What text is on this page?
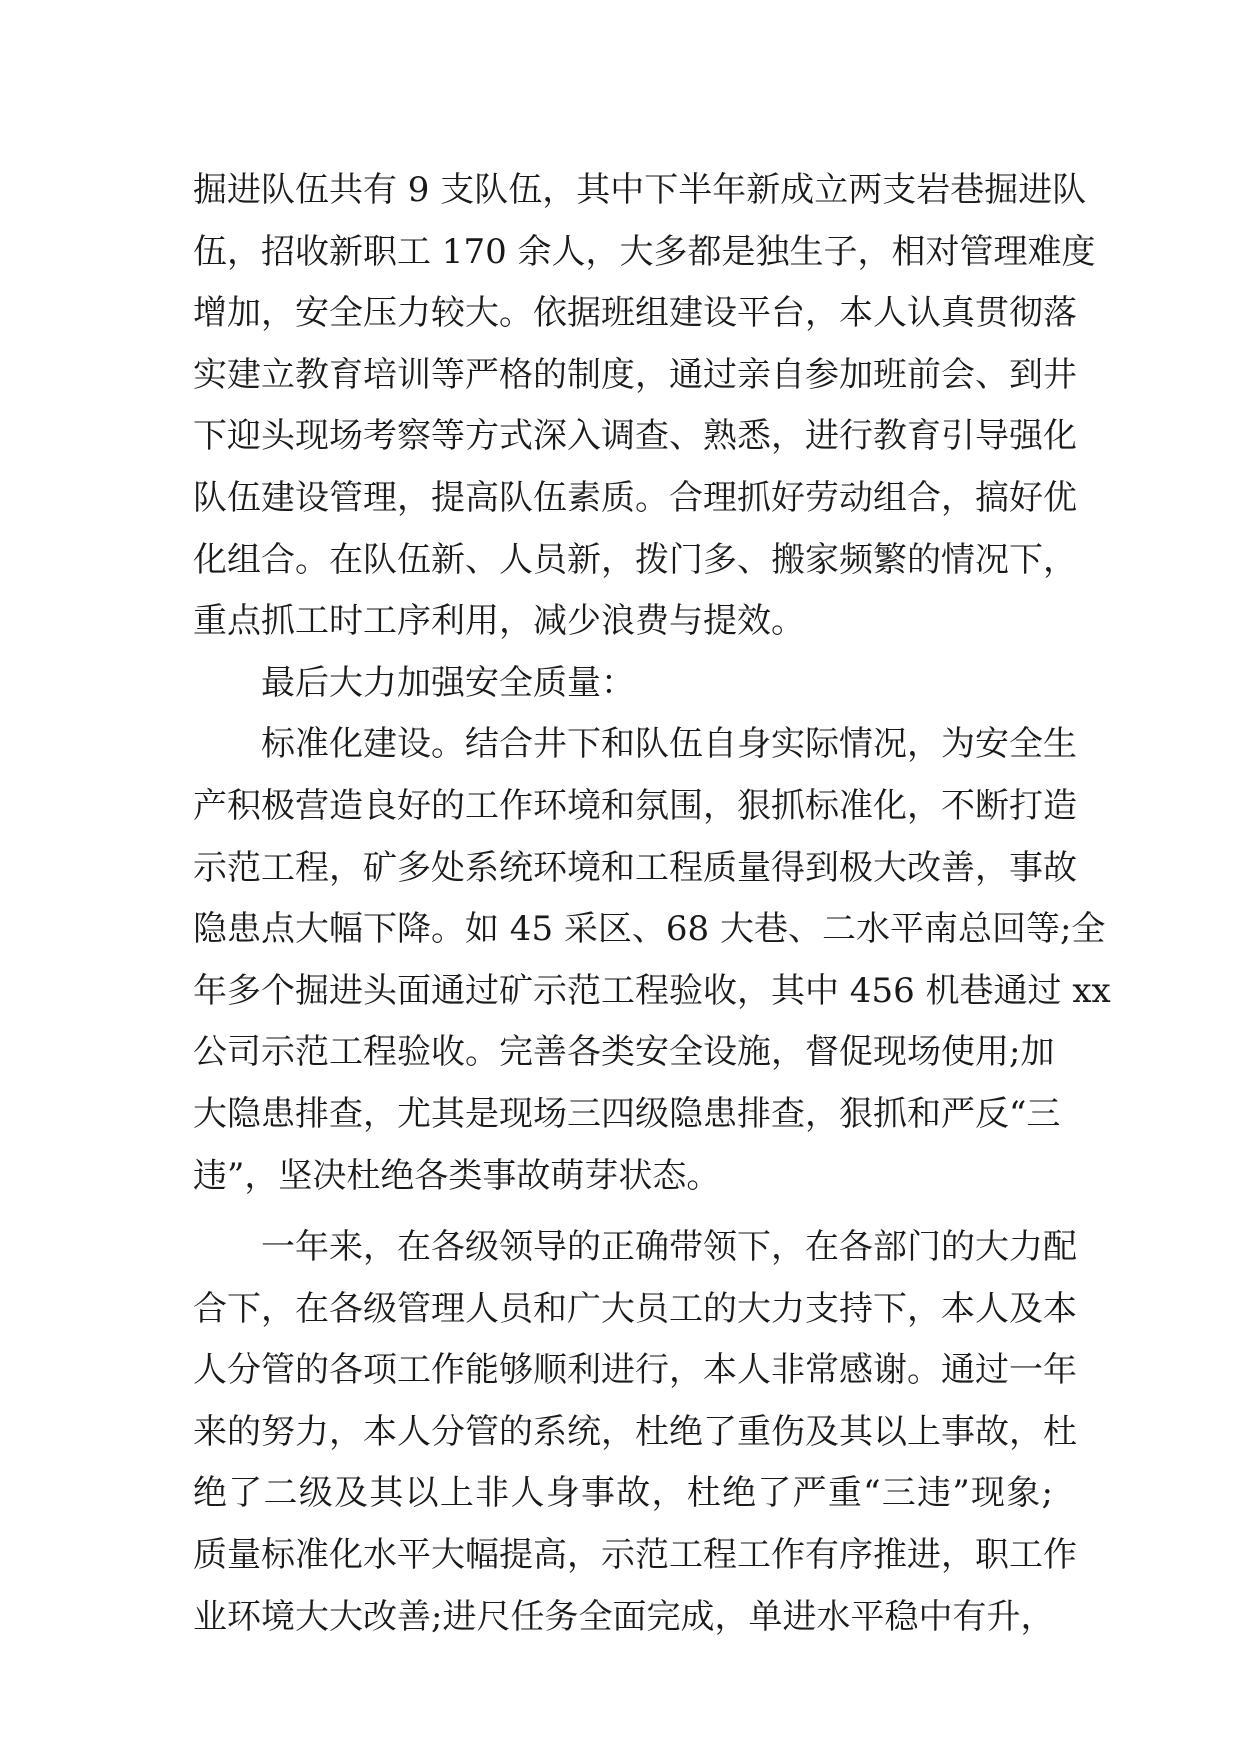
掘进队伍共有 9 支队伍，其中下半年新成立两支岩巷掘进队
伍，招收新职工 170 余人，大多都是独生子，相对管理难度
增加，安全压力较大。依据班组建设平台，本人认真贯彻落
实建立教育培训等严格的制度，通过亲自参加班前会、到井
下迎头现场考察等方式深入调查、熟悉，进行教育引导强化
队伍建设管理，提高队伍素质。合理抓好劳动组合，搞好优
化组合。在队伍新、人员新，拨门多、搬家频繁的情况下，
重点抓工时工序利用，减少浪费与提效。
最后大力加强安全质量：
标准化建设。结合井下和队伍自身实际情况，为安全生
产积极营造良好的工作环境和氛围，狠抓标准化，不断打造
示范工程，矿多处系统环境和工程质量得到极大改善，事故
隐患点大幅下降。如 45 采区、68 大巷、二水平南总回等;全
年多个掘进头面通过矿示范工程验收，其中 456 机巷通过 xx
公司示范工程验收。完善各类安全设施，督促现场使用;加
大隐患排查，尤其是现场三四级隐患排查，狠抓和严反“三
违”，坚决杜绝各类事故萌芽状态。
一年来，在各级领导的正确带领下，在各部门的大力配
合下，在各级管理人员和广大员工的大力支持下，本人及本
人分管的各项工作能够顺利进行，本人非常感谢。通过一年
来的努力，本人分管的系统，杜绝了重伤及其以上事故，杜
绝了二级及其以上非人身事故，杜绝了严重“三违”现象;
质量标准化水平大幅提高，示范工程工作有序推进，职工作
业环境大大改善;进尺任务全面完成，单进水平稳中有升，
